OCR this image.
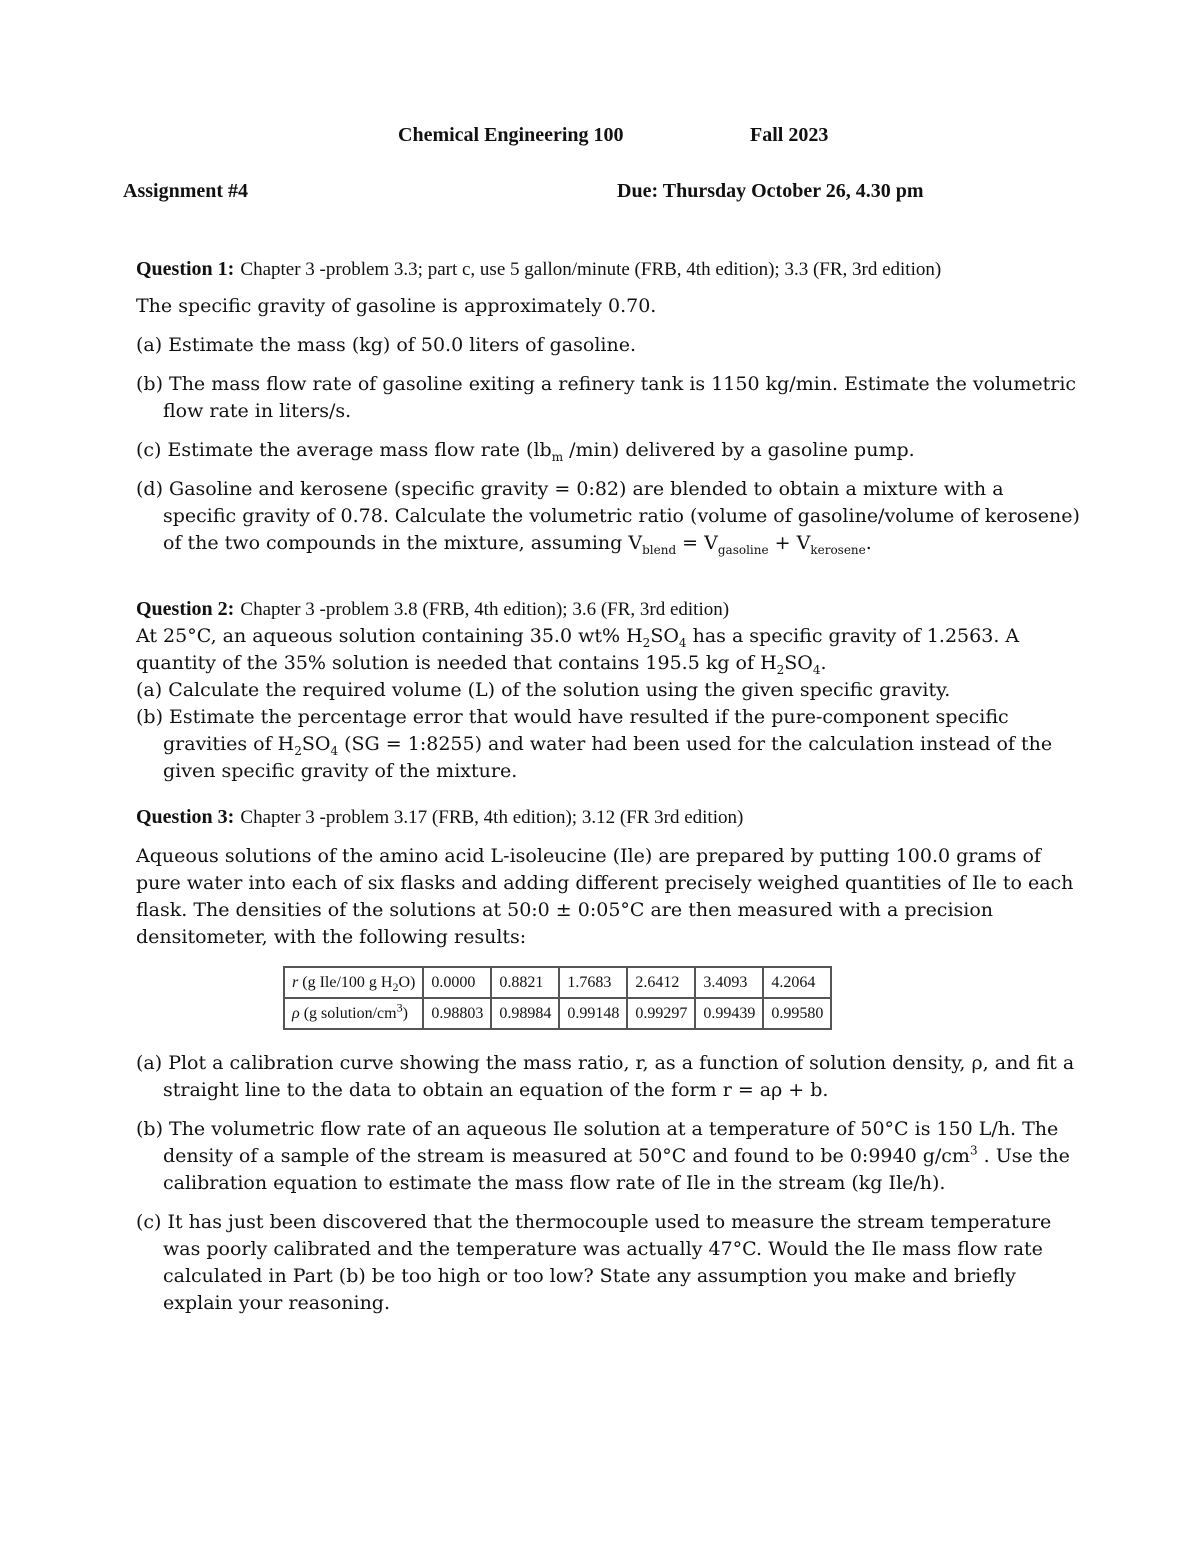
Chemical Engineering 100	Fall 2023
Assignment #4	Due: Thursday October 26, 4.30 pm

Question 1: Chapter 3 -problem 3.3; part c, use 5 gallon/minute (FRB, 4th edition); 3.3 (FR, 3rd edition)

The specific gravity of gasoline is approximately 0.70.

(a) Estimate the mass (kg) of 50.0 liters of gasoline.

(b) The mass flow rate of gasoline exiting a refinery tank is 1150 kg/min. Estimate the volumetric flow rate in liters/s.

(c) Estimate the average mass flow rate ($lb_m$ /min) delivered by a gasoline pump.

(d) Gasoline and kerosene (specific gravity = 0:82) are blended to obtain a mixture with a specific gravity of 0.78. Calculate the volumetric ratio (volume of gasoline/volume of kerosene) of the two compounds in the mixture, assuming $V_{blend} = V_{gasoline} + V_{kerosene}$.

Question 2: Chapter 3 -problem 3.8 (FRB, 4th edition); 3.6 (FR, 3rd edition)

At 25°C, an aqueous solution containing 35.0 wt% $H_2SO_4$ has a specific gravity of 1.2563. A quantity of the 35% solution is needed that contains 195.5 kg of $H_2SO_4$.

(a) Calculate the required volume (L) of the solution using the given specific gravity.

(b) Estimate the percentage error that would have resulted if the pure-component specific gravities of $H_2SO_4$ (SG = 1:8255) and water had been used for the calculation instead of the given specific gravity of the mixture.

Question 3: Chapter 3 -problem 3.17 (FRB, 4th edition); 3.12 (FR 3rd edition)

Aqueous solutions of the amino acid L-isoleucine (Ile) are prepared by putting 100.0 grams of pure water into each of six flasks and adding different precisely weighed quantities of Ile to each flask. The densities of the solutions at 50:0 ± 0:05°C are then measured with a precision densitometer, with the following results:

r (g Ile/100 g $H_2O$)	0.0000	0.8821	1.7683	2.6412	3.4093	4.2064
ρ (g solution/$cm^3$)	0.98803	0.98984	0.99148	0.99297	0.99439	0.99580

(a) Plot a calibration curve showing the mass ratio, r, as a function of solution density, ρ, and fit a straight line to the data to obtain an equation of the form r = aρ + b.

(b) The volumetric flow rate of an aqueous Ile solution at a temperature of 50°C is 150 L/h. The density of a sample of the stream is measured at 50°C and found to be 0:9940 $g/cm^3$ . Use the calibration equation to estimate the mass flow rate of Ile in the stream (kg Ile/h).

(c) It has just been discovered that the thermocouple used to measure the stream temperature was poorly calibrated and the temperature was actually 47°C. Would the Ile mass flow rate calculated in Part (b) be too high or too low? State any assumption you make and briefly explain your reasoning.
